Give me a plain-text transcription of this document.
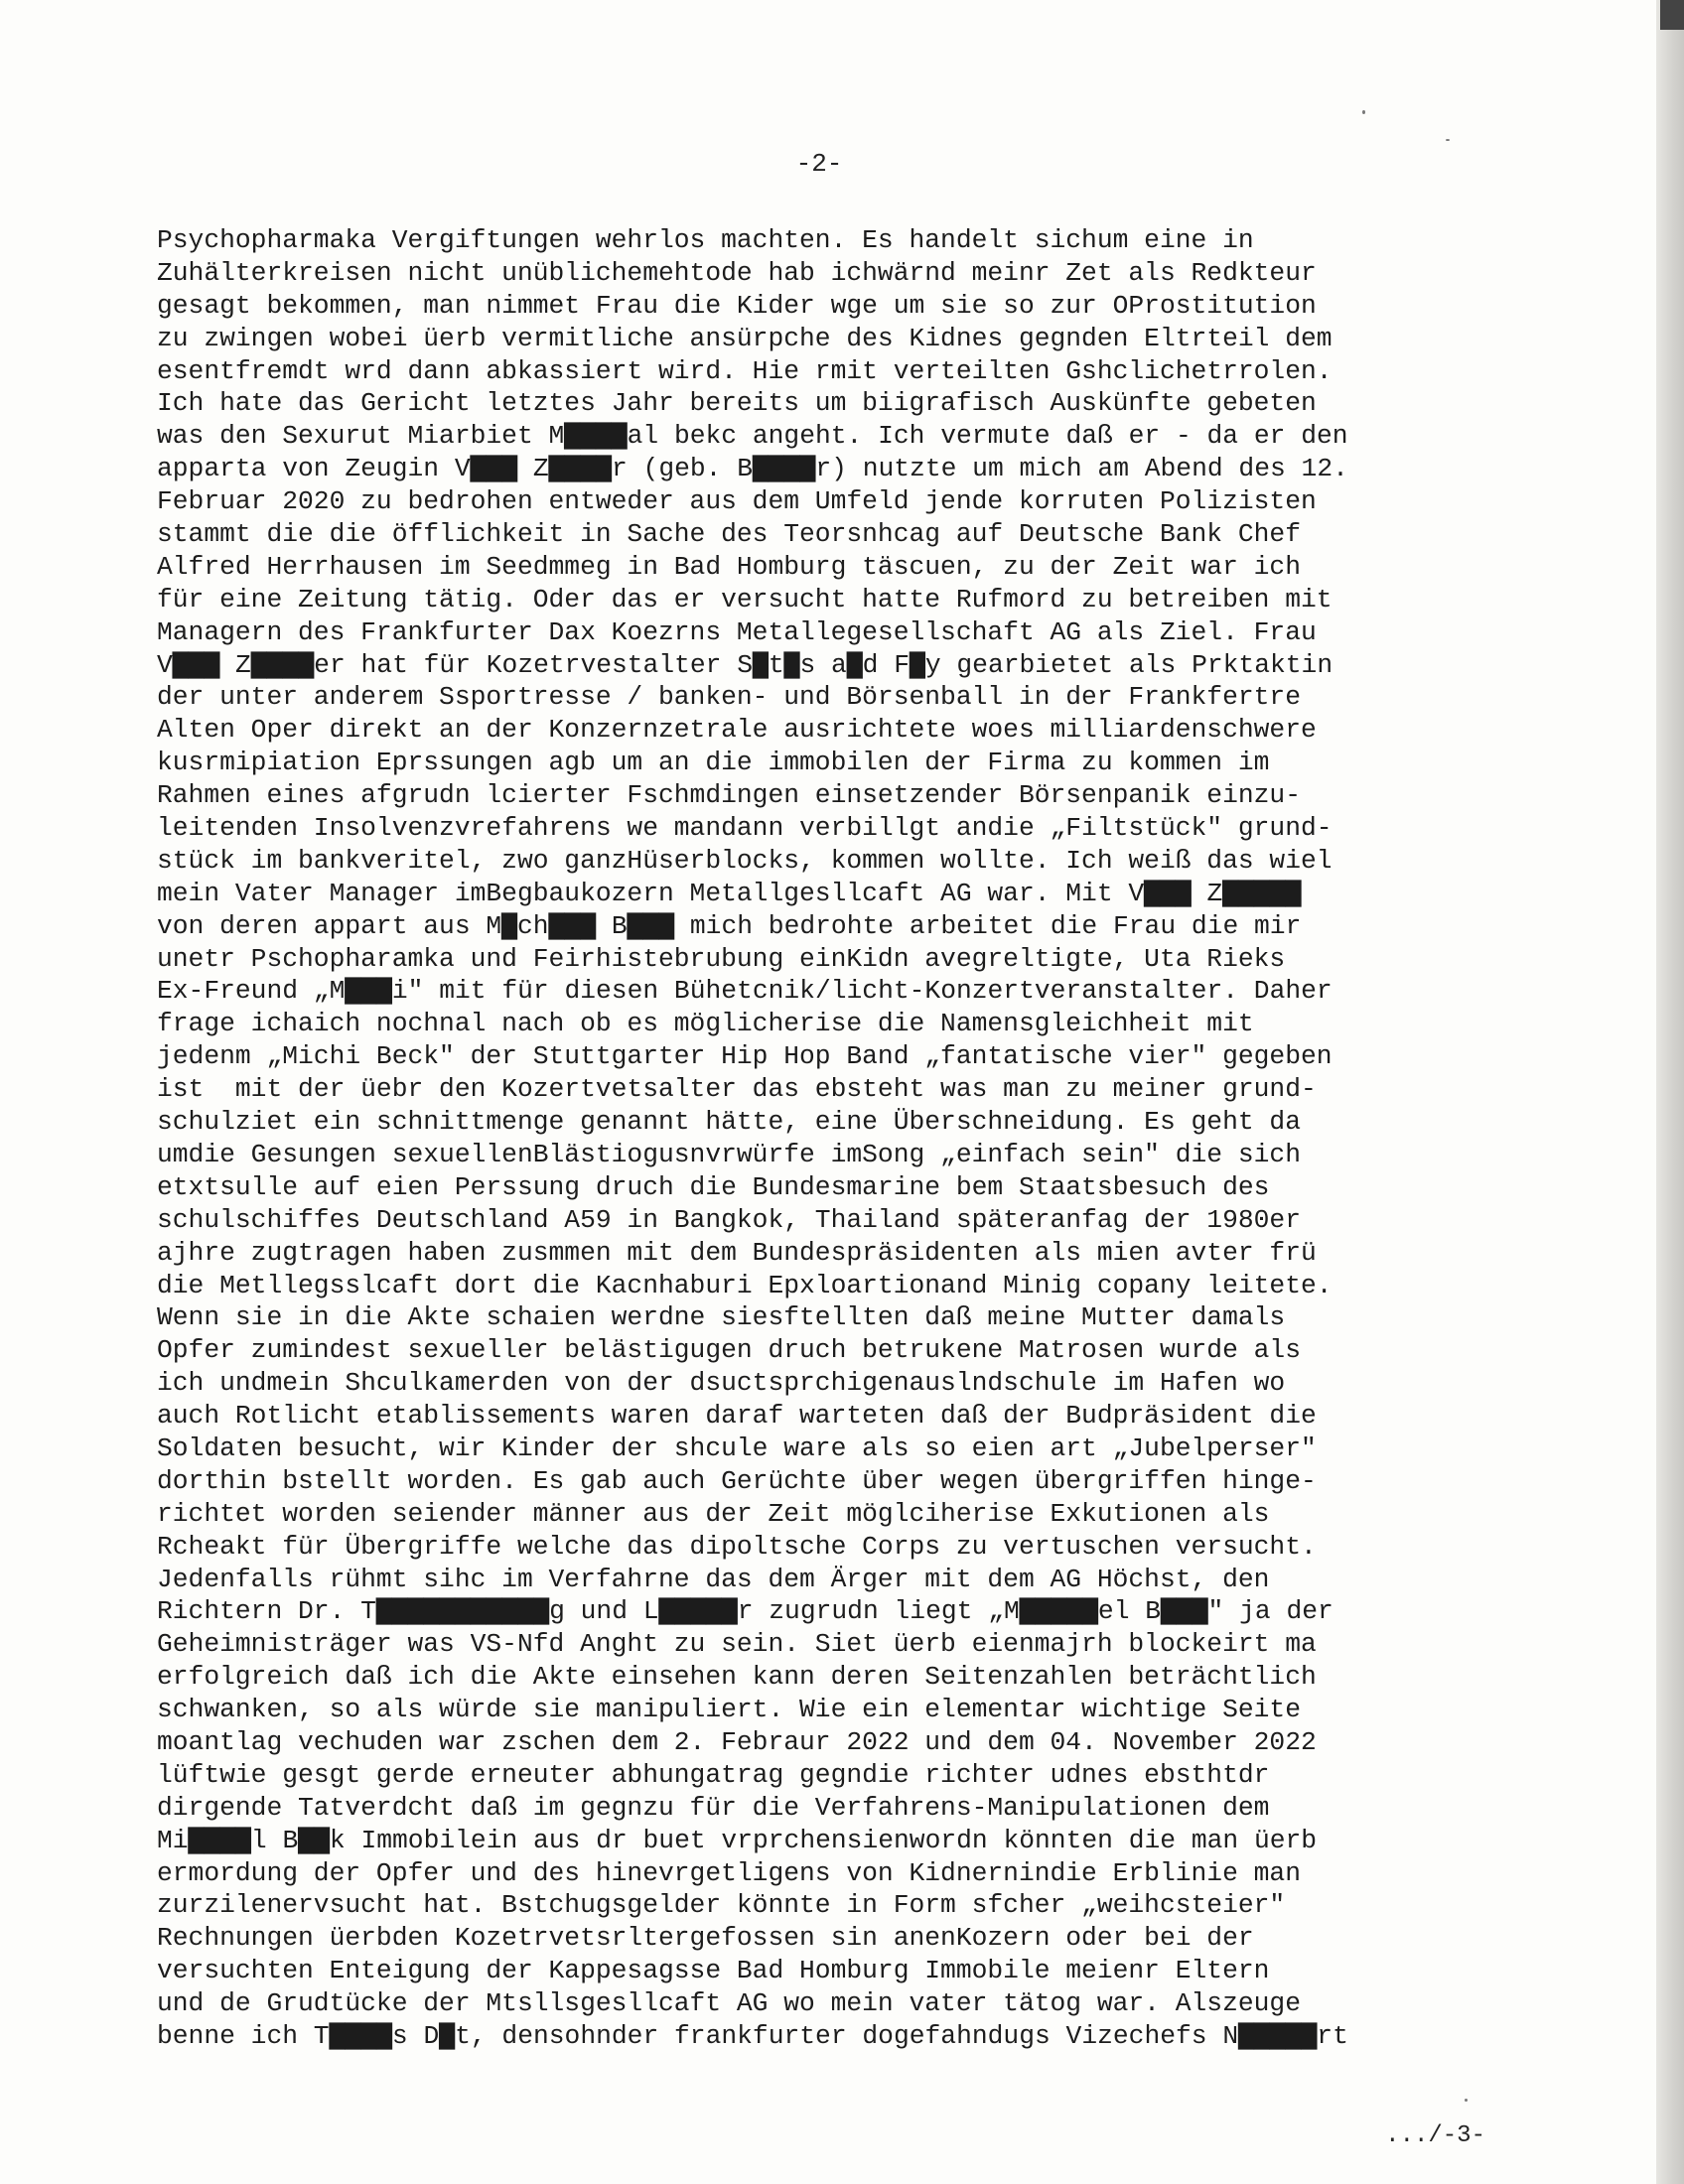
-2-
Psychopharmaka Vergiftungen wehrlos machten. Es handelt sichum eine in
Zuhälterkreisen nicht unüblichemehtode hab ichwärnd meinr Zet als Redkteur
gesagt bekommen, man nimmet Frau die Kider wge um sie so zur OProstitution
zu zwingen wobei üerb vermitliche ansürpche des Kidnes gegnden Eltrteil dem
esentfremdt wrd dann abkassiert wird. Hie rmit verteilten Gshclichetrrolen.
Ich hate das Gericht letztes Jahr bereits um biigrafisch Auskünfte gebeten
was den Sexurut Miarbiet M▇▇▇▇al bekc angeht. Ich vermute daß er - da er den
apparta von Zeugin V▇▇▇ Z▇▇▇▇r (geb. B▇▇▇▇r) nutzte um mich am Abend des 12.
Februar 2020 zu bedrohen entweder aus dem Umfeld jende korruten Polizisten
stammt die die öfflichkeit in Sache des Teorsnhcag auf Deutsche Bank Chef
Alfred Herrhausen im Seedmmeg in Bad Homburg täscuen, zu der Zeit war ich
für eine Zeitung tätig. Oder das er versucht hatte Rufmord zu betreiben mit
Managern des Frankfurter Dax Koezrns Metallegesellschaft AG als Ziel. Frau
V▇▇▇ Z▇▇▇▇er hat für Kozetrvestalter S▇t▇s a▇d F▇y gearbietet als Prktaktin
der unter anderem Ssportresse / banken- und Börsenball in der Frankfertre
Alten Oper direkt an der Konzernzetrale ausrichtete woes milliardenschwere
kusrmipiation Eprssungen agb um an die immobilen der Firma zu kommen im
Rahmen eines afgrudn lcierter Fschmdingen einsetzender Börsenpanik einzu-
leitenden Insolvenzvrefahrens we mandann verbillgt andie „Filtstück" grund-
stück im bankveritel, zwo ganzHüserblocks, kommen wollte. Ich weiß das wiel
mein Vater Manager imBegbaukozern Metallgesllcaft AG war. Mit V▇▇▇ Z▇▇▇▇▇
von deren appart aus M▇ch▇▇▇ B▇▇▇ mich bedrohte arbeitet die Frau die mir
unetr Pschopharamka und Feirhistebrubung einKidn avegreltigte, Uta Rieks
Ex-Freund „M▇▇▇i" mit für diesen Bühetcnik/licht-Konzertveranstalter. Daher
frage ichaich nochnal nach ob es möglicherise die Namensgleichheit mit
jedenm „Michi Beck" der Stuttgarter Hip Hop Band „fantatische vier" gegeben
ist  mit der üebr den Kozertvetsalter das ebsteht was man zu meiner grund-
schulziet ein schnittmenge genannt hätte, eine Überschneidung. Es geht da
umdie Gesungen sexuellenBlästiogusnvrwürfe imSong „einfach sein" die sich
etxtsulle auf eien Perssung druch die Bundesmarine bem Staatsbesuch des
schulschiffes Deutschland A59 in Bangkok, Thailand späteranfag der 1980er
ajhre zugtragen haben zusmmen mit dem Bundespräsidenten als mien avter frü
die Metllegsslcaft dort die Kacnhaburi Epxloartionand Minig copany leitete.
Wenn sie in die Akte schaien werdne siesftellten daß meine Mutter damals
Opfer zumindest sexueller belästigugen druch betrukene Matrosen wurde als
ich undmein Shculkamerden von der dsuctsprchigenauslndschule im Hafen wo
auch Rotlicht etablissements waren daraf warteten daß der Budpräsident die
Soldaten besucht, wir Kinder der shcule ware als so eien art „Jubelperser"
dorthin bstellt worden. Es gab auch Gerüchte über wegen übergriffen hinge-
richtet worden seiender männer aus der Zeit möglciherise Exkutionen als
Rcheakt für Übergriffe welche das dipoltsche Corps zu vertuschen versucht.
Jedenfalls rühmt sihc im Verfahrne das dem Ärger mit dem AG Höchst, den
Richtern Dr. T▇▇▇▇▇▇▇▇▇▇▇g und L▇▇▇▇▇r zugrudn liegt „M▇▇▇▇▇el B▇▇▇" ja der
Geheimnisträger was VS-Nfd Anght zu sein. Siet üerb eienmajrh blockeirt ma
erfolgreich daß ich die Akte einsehen kann deren Seitenzahlen beträchtlich
schwanken, so als würde sie manipuliert. Wie ein elementar wichtige Seite
moantlag vechuden war zschen dem 2. Febraur 2022 und dem 04. November 2022
lüftwie gesgt gerde erneuter abhungatrag gegndie richter udnes ebsthtdr
dirgende Tatverdcht daß im gegnzu für die Verfahrens-Manipulationen dem
Mi▇▇▇▇l B▇▇k Immobilein aus dr buet vrprchensienwordn könnten die man üerb
ermordung der Opfer und des hinevrgetligens von Kidnernindie Erblinie man
zurzilenervsucht hat. Bstchugsgelder könnte in Form sfcher „weihcsteier"
Rechnungen üerbden Kozetrvetsrltergefossen sin anenKozern oder bei der
versuchten Enteigung der Kappesagsse Bad Homburg Immobile meienr Eltern
und de Grudtücke der Mtsllsgesllcaft AG wo mein vater tätog war. Alszeuge
benne ich T▇▇▇▇s D▇t, densohnder frankfurter dogefahndugs Vizechefs N▇▇▇▇▇rt
.../-3-
